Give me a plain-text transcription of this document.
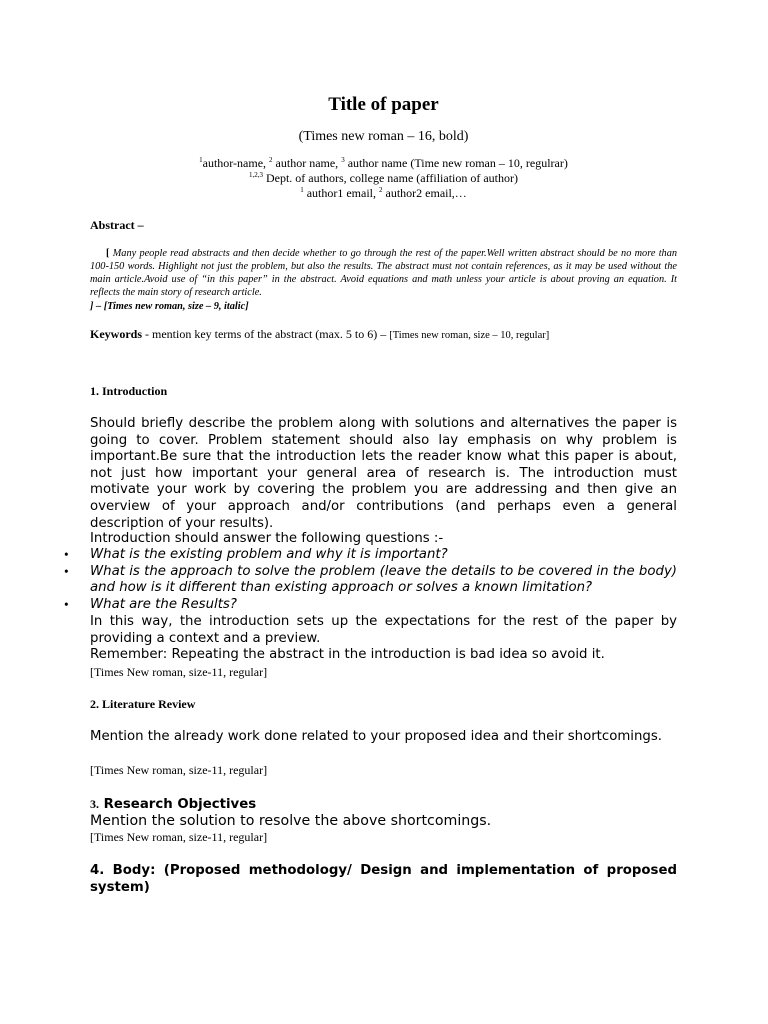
Title of paper
(Times new roman – 16, bold)
$^1$author-name, $^2$ author name, $^3$ author name (Time new roman – 10, regulrar)
$^{1,2,3}$ Dept. of authors, college name (affiliation of author)
$^1$ author1 email, $^2$ author2 email,…
Abstract –
[ Many people read abstracts and then decide whether to go through the rest of the paper.Well written abstract should be no more than 100-150 words. Highlight not just the problem, but also the results. The abstract must not contain references, as it may be used without the main article.Avoid use of “in this paper” in the abstract. Avoid equations and math unless your article is about proving an equation. It reflects the main story of research article.
] – [Times new roman, size – 9, italic]
Keywords - mention key terms of the abstract (max. 5 to 6) – [Times new roman, size – 10, regular]
1. Introduction
Should briefly describe the problem along with solutions and alternatives the paper is going to cover. Problem statement should also lay emphasis on why problem is important.Be sure that the introduction lets the reader know what this paper is about, not just how important your general area of research is. The introduction must motivate your work by covering the problem you are addressing and then give an overview of your approach and/or contributions (and perhaps even a general description of your results).
Introduction should answer the following questions :-
• What is the existing problem and why it is important?
• What is the approach to solve the problem (leave the details to be covered in the body) and how is it different than existing approach or solves a known limitation?
• What are the Results?
In this way, the introduction sets up the expectations for the rest of the paper by providing a context and a preview.
Remember: Repeating the abstract in the introduction is bad idea so avoid it.
[Times New roman, size-11, regular]
2. Literature Review
Mention the already work done related to your proposed idea and their shortcomings.
[Times New roman, size-11, regular]
3. Research Objectives
Mention the solution to resolve the above shortcomings.
[Times New roman, size-11, regular]
4. Body: (Proposed methodology/ Design and implementation of proposed system)
